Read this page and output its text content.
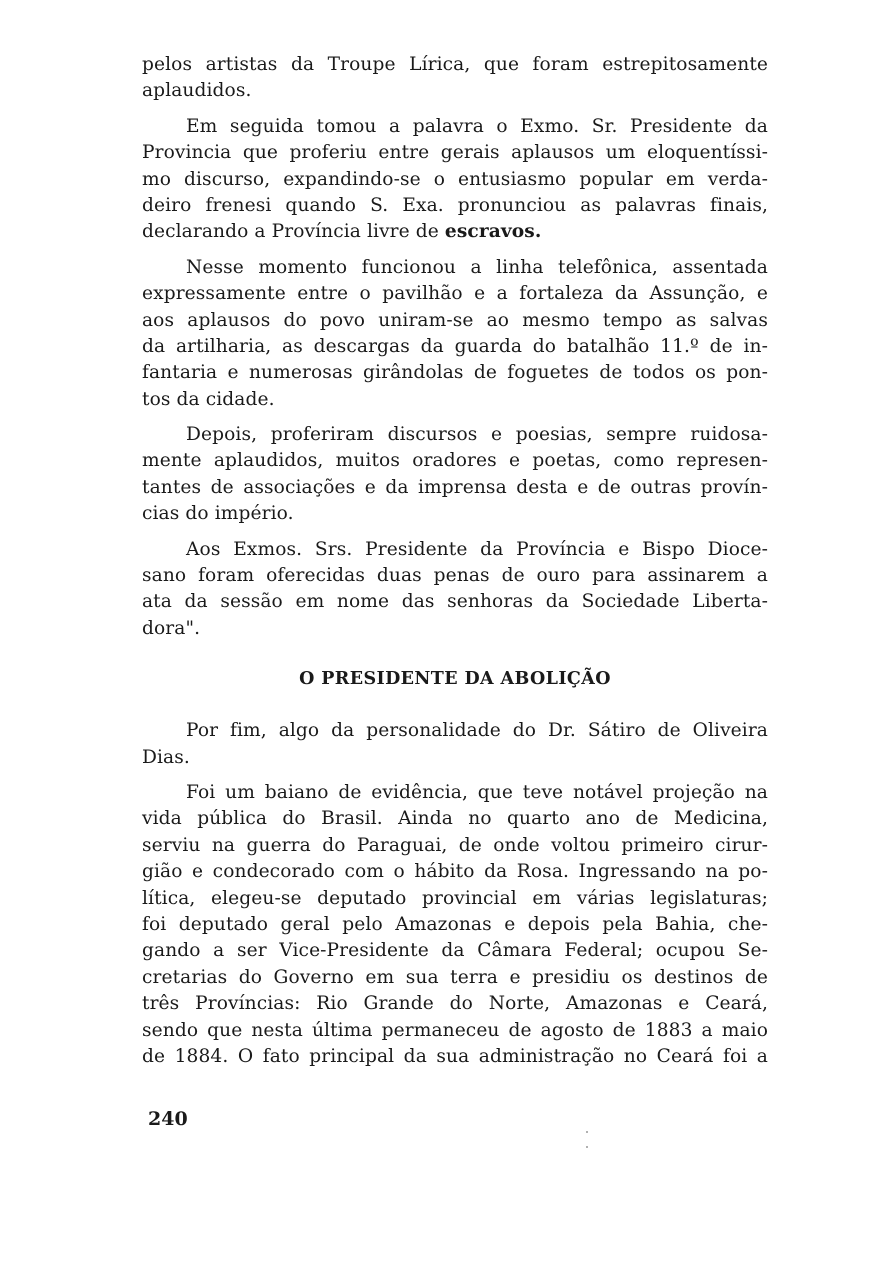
pelos artistas da Troupe Lírica, que foram estrepitosamente
aplaudidos.
Em seguida tomou a palavra o Exmo. Sr. Presidente da
Provincia que proferiu entre gerais aplausos um eloquentíssi-
mo discurso, expandindo-se o entusiasmo popular em verda-
deiro frenesi quando S. Exa. pronunciou as palavras finais,
declarando a Província livre de escravos.
Nesse momento funcionou a linha telefônica, assentada
expressamente entre o pavilhão e a fortaleza da Assunção, e
aos aplausos do povo uniram-se ao mesmo tempo as salvas
da artilharia, as descargas da guarda do batalhão 11.º de in-
fantaria e numerosas girândolas de foguetes de todos os pon-
tos da cidade.
Depois, proferiram discursos e poesias, sempre ruidosa-
mente aplaudidos, muitos oradores e poetas, como represen-
tantes de associações e da imprensa desta e de outras provín-
cias do império.
Aos Exmos. Srs. Presidente da Província e Bispo Dioce-
sano foram oferecidas duas penas de ouro para assinarem a
ata da sessão em nome das senhoras da Sociedade Liberta-
dora".
O PRESIDENTE DA ABOLIÇÃO
Por fim, algo da personalidade do Dr. Sátiro de Oliveira
Dias.
Foi um baiano de evidência, que teve notável projeção na
vida pública do Brasil. Ainda no quarto ano de Medicina,
serviu na guerra do Paraguai, de onde voltou primeiro cirur-
gião e condecorado com o hábito da Rosa. Ingressando na po-
lítica, elegeu-se deputado provincial em várias legislaturas;
foi deputado geral pelo Amazonas e depois pela Bahia, che-
gando a ser Vice-Presidente da Câmara Federal; ocupou Se-
cretarias do Governo em sua terra e presidiu os destinos de
três Províncias: Rio Grande do Norte, Amazonas e Ceará,
sendo que nesta última permaneceu de agosto de 1883 a maio
de 1884. O fato principal da sua administração no Ceará foi a
240
